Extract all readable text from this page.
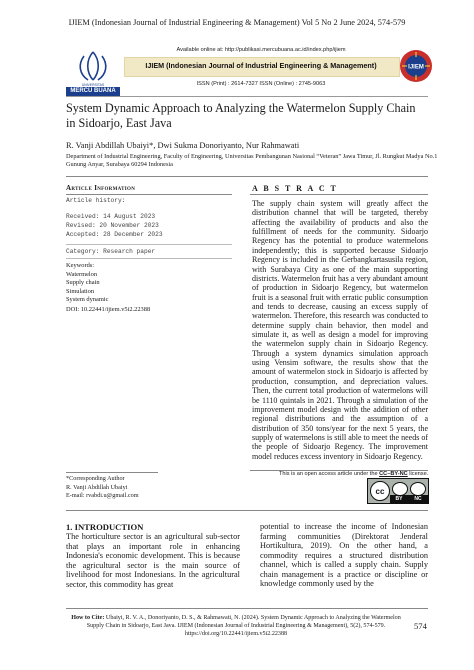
IJIEM (Indonesian Journal of Industrial Engineering & Management) Vol 5 No 2 June 2024, 574-579
UNIVERSITAS
MERCU BUANA
Available online at: http://publikasi.mercubuana.ac.id/index.php/ijiem
IJIEM (Indonesian Journal of Industrial Engineering & Management)
ISSN (Print) : 2614-7327 ISSN (Online) : 2745-9063
IJIEM
System Dynamic Approach to Analyzing the Watermelon Supply Chain in Sidoarjo, East Java
R. Vanji Abdillah Ubaiyi*, Dwi Sukma Donoriyanto, Nur Rahmawati
Department of Industrial Engineering, Faculty of Engineering, Universitas Pembangunan Nasional “Veteran” Jawa Timur, Jl. Rungkut Madya No.1 Gunung Anyar, Surabaya 60294 Indonesia
Article Information
Article history:
Received: 14 August 2023
Revised: 20 November 2023
Accepted: 28 December 2023
Category: Research paper
Keywords:
Watermelon
Supply chain
Simulation
System dynamic
DOI: 10.22441/ijiem.v5i2.22388
A B S T R A C T
The supply chain system will greatly affect the distribution channel that will be targeted, thereby affecting the availability of products and also the fulfillment of needs for the community. Sidoarjo Regency has the potential to produce watermelons independently; this is supported because Sidoarjo Regency is included in the Gerbangkartasusila region, with Surabaya City as one of the main supporting districts. Watermelon fruit has a very abundant amount of production in Sidoarjo Regency, but watermelon fruit is a seasonal fruit with erratic public consumption and tends to decrease, causing an excess supply of watermelon. Therefore, this research was conducted to determine supply chain behavior, then model and simulate it, as well as design a model for improving the watermelon supply chain in Sidoarjo Regency. Through a system dynamics simulation approach using Vensim software, the results show that the amount of watermelon stock in Sidoarjo is affected by production, consumption, and depreciation values. Then, the current total production of watermelons will be 1110 quintals in 2021. Through a simulation of the improvement model design with the addition of other regional distributions and the assumption of a distribution of 350 tons/year for the next 5 years, the supply of watermelons is still able to meet the needs of the people of Sidoarjo Regency. The improvement model reduces excess inventory in Sidoarjo Regency.
This is an open access article under the CC–BY-NC license.
cc
BY	NC
*Corresponding Author
R. Vanji Abdillah Ubaiyi
E-mail: rvabdi.u@gmail.com
1. INTRODUCTION
The horticulture sector is an agricultural sub-sector that plays an important role in enhancing Indonesia's economic development. This is because the agricultural sector is the main source of livelihood for most Indonesians. In the agricultural sector, this commodity has great
potential to increase the income of Indonesian farming communities (Direktorat Jenderal Hortikultura, 2019). On the other hand, a commodity requires a structured distribution channel, which is called a supply chain. Supply chain management is a practice or discipline or knowledge commonly used by the
How to Cite: Ubaiyi, R. V. A., Donoriyanto, D. S., & Rahmawati, N. (2024). System Dynamic Approach to Analyzing the Watermelon Supply Chain in Sidoarjo, East Java. IJIEM (Indonesian Journal of Industrial Engineering & Management), 5(2), 574-579. https://doi.org/10.22441/ijiem.v5i2.22388
574
